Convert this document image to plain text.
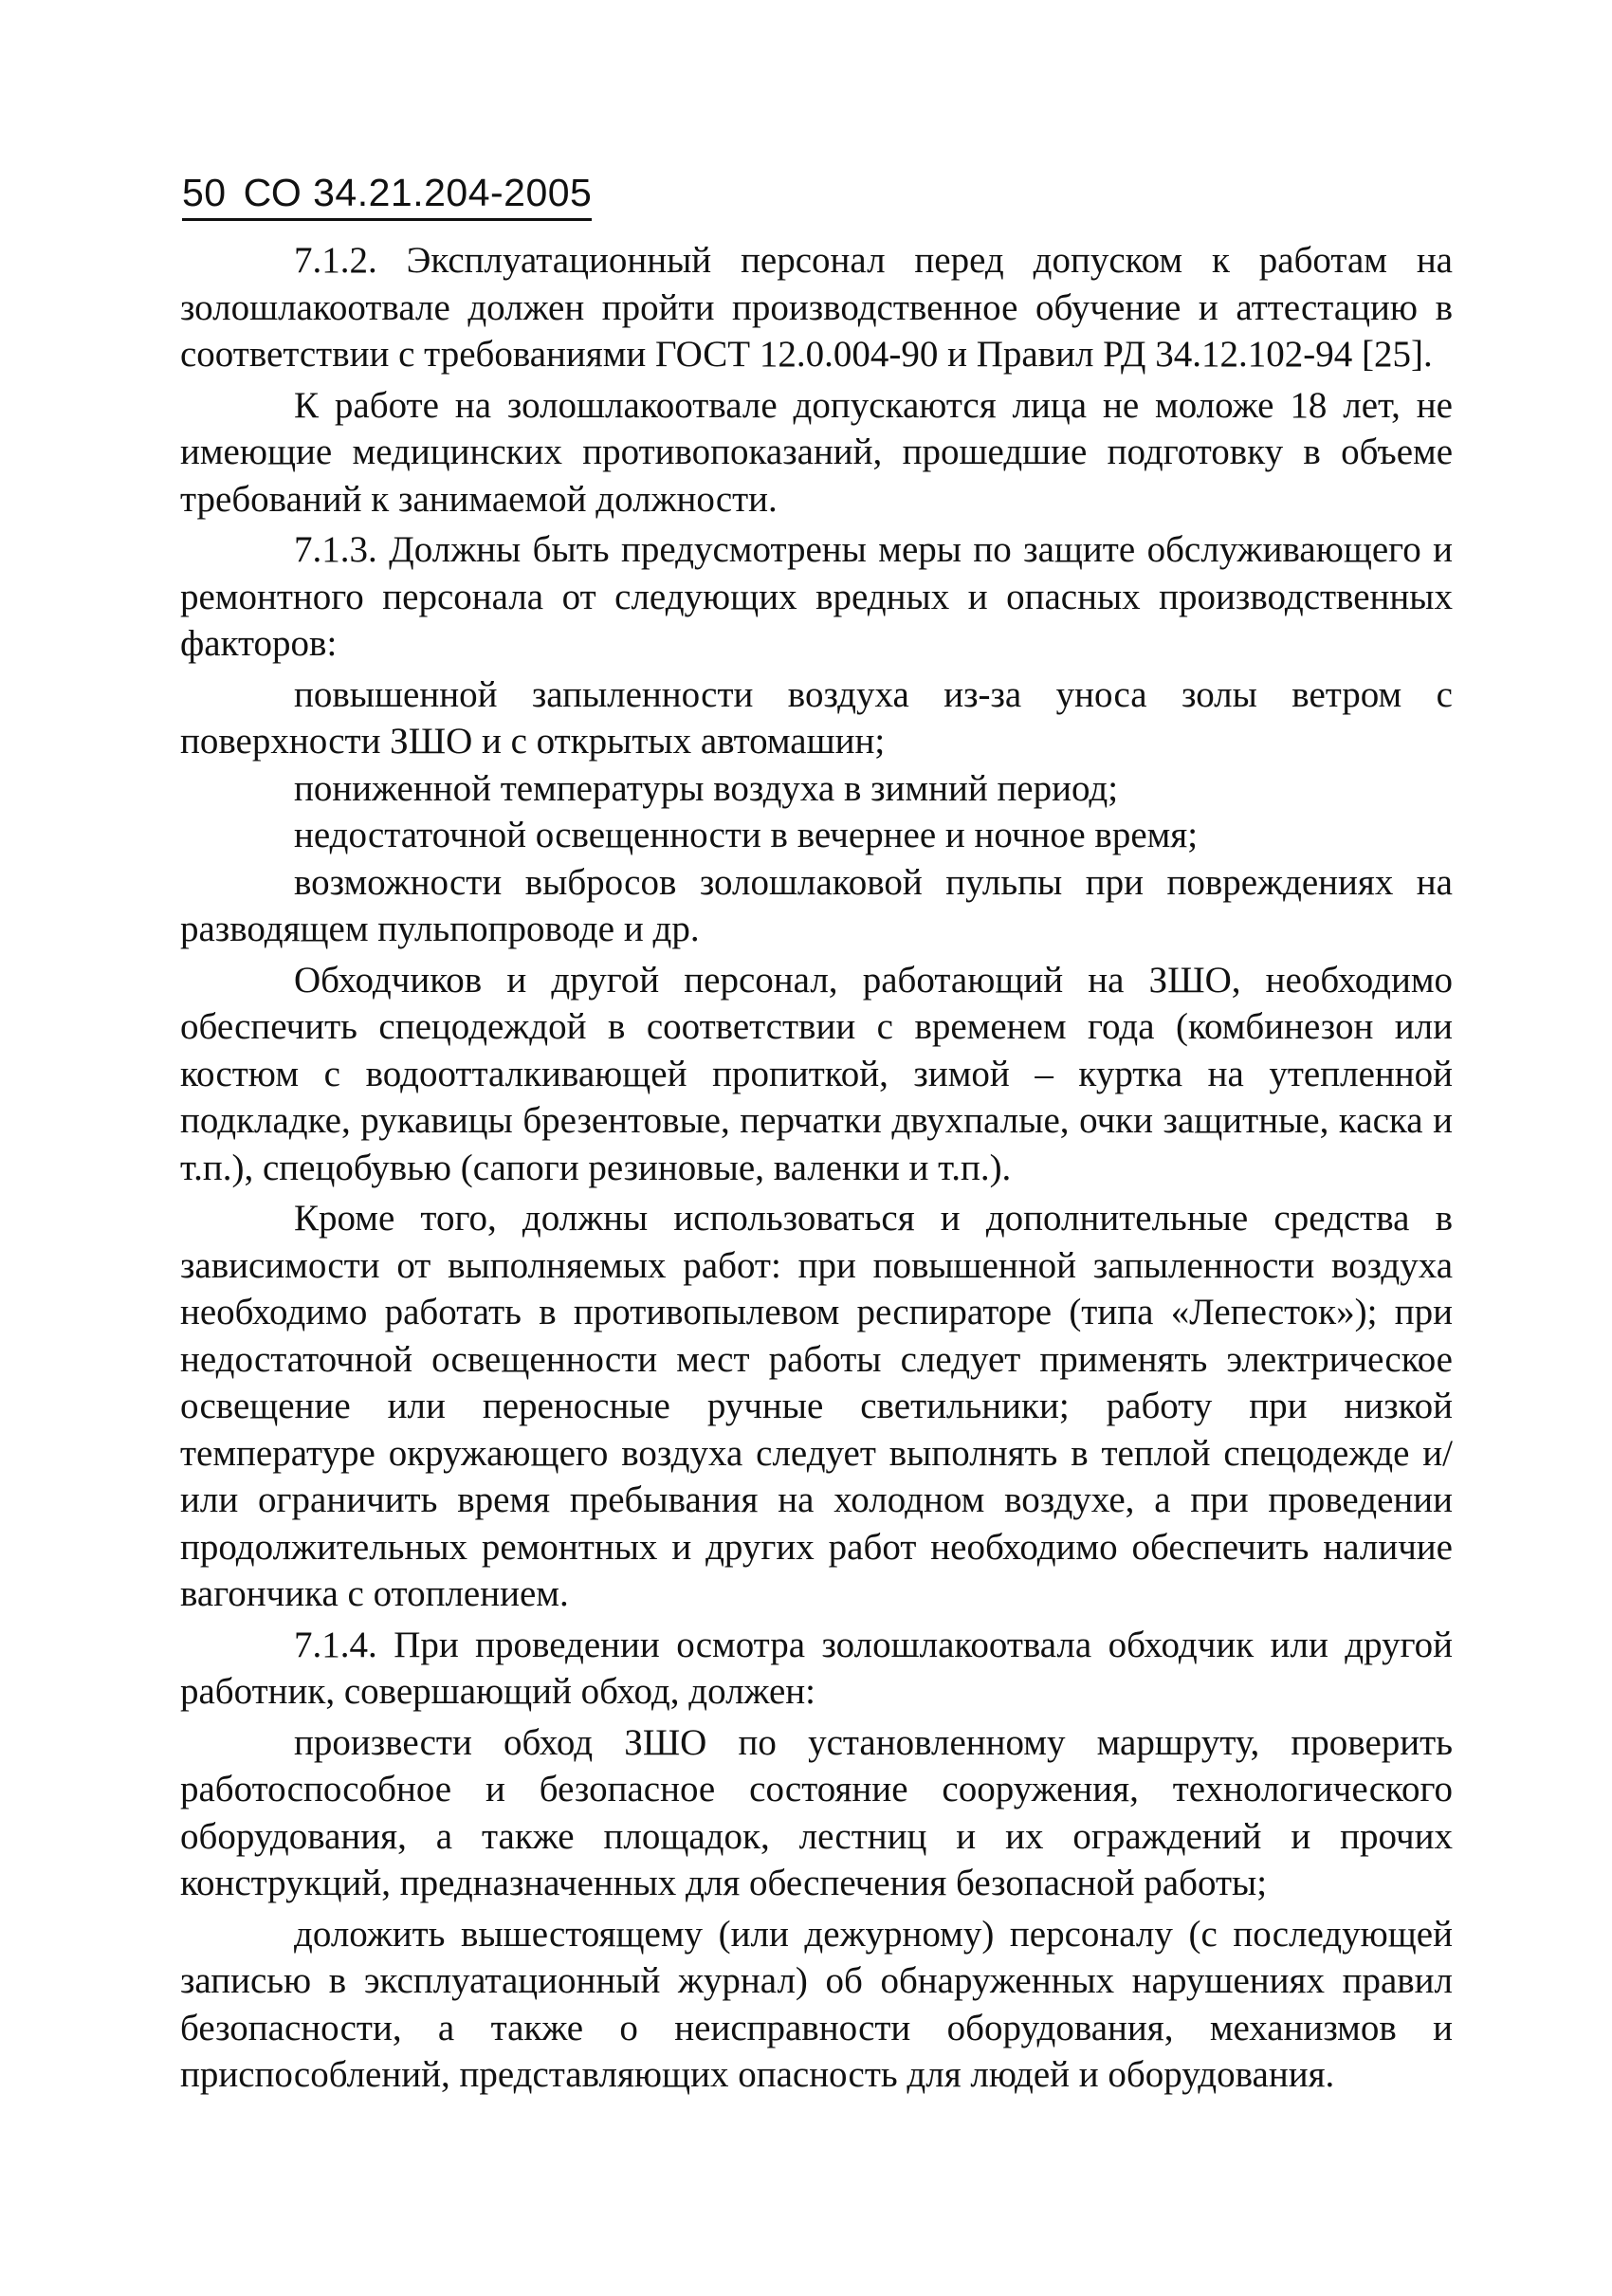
50 СО 34.21.204-2005

7.1.2. Эксплуатационный персонал перед допуском к работам на золошлакоотвале должен пройти производственное обучение и аттестацию в соответствии с требованиями ГОСТ 12.0.004-90 и Правил РД 34.12.102-94 [25].

К работе на золошлакоотвале допускаются лица не моложе 18 лет, не имеющие медицинских противопоказаний, прошедшие подготовку в объеме требований к занимаемой должности.

7.1.3. Должны быть предусмотрены меры по защите обслуживающего и ремонтного персонала от следующих вредных и опасных производственных факторов:

повышенной запыленности воздуха из-за уноса золы ветром с поверхности ЗШО и с открытых автомашин;

пониженной температуры воздуха в зимний период;

недостаточной освещенности в вечернее и ночное время;

возможности выбросов золошлаковой пульпы при повреждениях на разводящем пульпопроводе и др.

Обходчиков и другой персонал, работающий на ЗШО, необходимо обеспечить спецодеждой в соответствии с временем года (комбинезон или костюм с водоотталкивающей пропиткой, зимой – куртка на утепленной подкладке, рукавицы брезентовые, перчатки двухпалые, очки защитные, каска и т.п.), спецобувью (сапоги резиновые, валенки и т.п.).

Кроме того, должны использоваться и дополнительные средства в зависимости от выполняемых работ: при повышенной запыленности воздуха необходимо работать в противопылевом респираторе (типа «Лепесток»); при недостаточной освещенности мест работы следует применять электрическое освещение или переносные ручные светильники; работу при низкой температуре окружающего воздуха следует выполнять в теплой спецодежде и/или ограничить время пребывания на холодном воздухе, а при проведении продолжительных ремонтных и других работ необходимо обеспечить наличие вагончика с отоплением.

7.1.4. При проведении осмотра золошлакоотвала обходчик или другой работник, совершающий обход, должен:

произвести обход ЗШО по установленному маршруту, проверить работоспособное и безопасное состояние сооружения, технологического оборудования, а также площадок, лестниц и их ограждений и прочих конструкций, предназначенных для обеспечения безопасной работы;

доложить вышестоящему (или дежурному) персоналу (с последующей записью в эксплуатационный журнал) об обнаруженных нарушениях правил безопасности, а также о неисправности оборудования, механизмов и приспособлений, представляющих опасность для людей и оборудования.
